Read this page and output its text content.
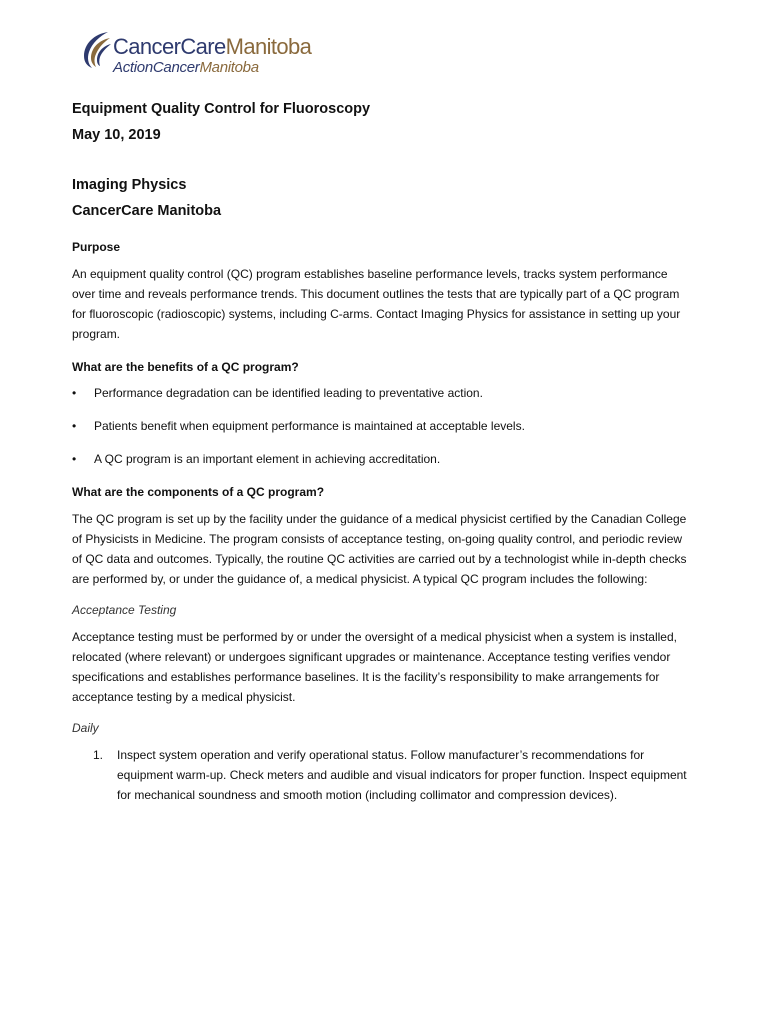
CancerCareManitoba
ActionCancerManitoba

Equipment Quality Control for Fluoroscopy

May 10, 2019

Imaging Physics

CancerCare Manitoba

Purpose

An equipment quality control (QC) program establishes baseline performance levels, tracks system performance over time and reveals performance trends. This document outlines the tests that are typically part of a QC program for fluoroscopic (radioscopic) systems, including C-arms. Contact Imaging Physics for assistance in setting up your program.

What are the benefits of a QC program?

• Performance degradation can be identified leading to preventative action.
• Patients benefit when equipment performance is maintained at acceptable levels.
• A QC program is an important element in achieving accreditation.

What are the components of a QC program?

The QC program is set up by the facility under the guidance of a medical physicist certified by the Canadian College of Physicists in Medicine. The program consists of acceptance testing, on-going quality control, and periodic review of QC data and outcomes. Typically, the routine QC activities are carried out by a technologist while in-depth checks are performed by, or under the guidance of, a medical physicist. A typical QC program includes the following:

Acceptance Testing

Acceptance testing must be performed by or under the oversight of a medical physicist when a system is installed, relocated (where relevant) or undergoes significant upgrades or maintenance. Acceptance testing verifies vendor specifications and establishes performance baselines. It is the facility’s responsibility to make arrangements for acceptance testing by a medical physicist.

Daily

1. Inspect system operation and verify operational status. Follow manufacturer’s recommendations for equipment warm-up. Check meters and audible and visual indicators for proper function. Inspect equipment for mechanical soundness and smooth motion (including collimator and compression devices).
